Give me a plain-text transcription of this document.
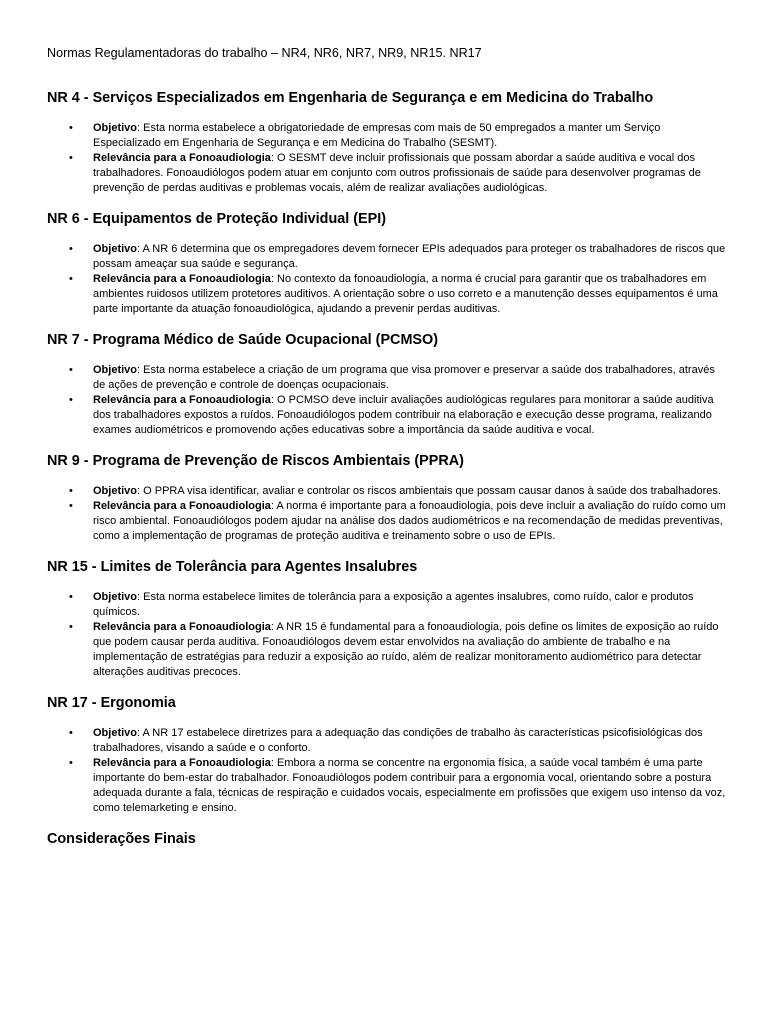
Normas Regulamentadoras do trabalho – NR4, NR6, NR7, NR9, NR15. NR17
NR 4 - Serviços Especializados em Engenharia de Segurança e em Medicina do Trabalho
• Objetivo: Esta norma estabelece a obrigatoriedade de empresas com mais de 50 empregados a manter um Serviço Especializado em Engenharia de Segurança e em Medicina do Trabalho (SESMT).
• Relevância para a Fonoaudiologia: O SESMT deve incluir profissionais que possam abordar a saúde auditiva e vocal dos trabalhadores. Fonoaudiólogos podem atuar em conjunto com outros profissionais de saúde para desenvolver programas de prevenção de perdas auditivas e problemas vocais, além de realizar avaliações audiológicas.
NR 6 - Equipamentos de Proteção Individual (EPI)
• Objetivo: A NR 6 determina que os empregadores devem fornecer EPIs adequados para proteger os trabalhadores de riscos que possam ameaçar sua saúde e segurança.
• Relevância para a Fonoaudiologia: No contexto da fonoaudiologia, a norma é crucial para garantir que os trabalhadores em ambientes ruidosos utilizem protetores auditivos. A orientação sobre o uso correto e a manutenção desses equipamentos é uma parte importante da atuação fonoaudiológica, ajudando a prevenir perdas auditivas.
NR 7 - Programa Médico de Saúde Ocupacional (PCMSO)
• Objetivo: Esta norma estabelece a criação de um programa que visa promover e preservar a saúde dos trabalhadores, através de ações de prevenção e controle de doenças ocupacionais.
• Relevância para a Fonoaudiologia: O PCMSO deve incluir avaliações audiológicas regulares para monitorar a saúde auditiva dos trabalhadores expostos a ruídos. Fonoaudiólogos podem contribuir na elaboração e execução desse programa, realizando exames audiométricos e promovendo ações educativas sobre a importância da saúde auditiva e vocal.
NR 9 - Programa de Prevenção de Riscos Ambientais (PPRA)
• Objetivo: O PPRA visa identificar, avaliar e controlar os riscos ambientais que possam causar danos à saúde dos trabalhadores.
• Relevância para a Fonoaudiologia: A norma é importante para a fonoaudiologia, pois deve incluir a avaliação do ruído como um risco ambiental. Fonoaudiólogos podem ajudar na análise dos dados audiométricos e na recomendação de medidas preventivas, como a implementação de programas de proteção auditiva e treinamento sobre o uso de EPIs.
NR 15 - Limites de Tolerância para Agentes Insalubres
• Objetivo: Esta norma estabelece limites de tolerância para a exposição a agentes insalubres, como ruído, calor e produtos químicos.
• Relevância para a Fonoaudiologia: A NR 15 é fundamental para a fonoaudiologia, pois define os limites de exposição ao ruído que podem causar perda auditiva. Fonoaudiólogos devem estar envolvidos na avaliação do ambiente de trabalho e na implementação de estratégias para reduzir a exposição ao ruído, além de realizar monitoramento audiométrico para detectar alterações auditivas precoces.
NR 17 - Ergonomia
• Objetivo: A NR 17 estabelece diretrizes para a adequação das condições de trabalho às características psicofisiológicas dos trabalhadores, visando a saúde e o conforto.
• Relevância para a Fonoaudiologia: Embora a norma se concentre na ergonomia física, a saúde vocal também é uma parte importante do bem-estar do trabalhador. Fonoaudiólogos podem contribuir para a ergonomia vocal, orientando sobre a postura adequada durante a fala, técnicas de respiração e cuidados vocais, especialmente em profissões que exigem uso intenso da voz, como telemarketing e ensino.
Considerações Finais
